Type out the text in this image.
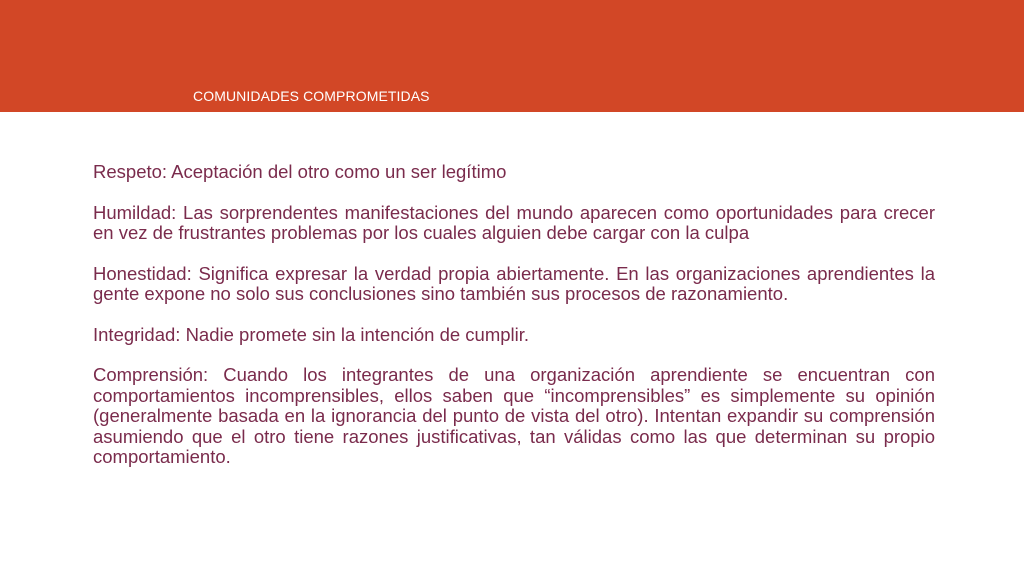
COMUNIDADES COMPROMETIDAS

Respeto: Aceptación del otro como un ser legítimo

Humildad: Las sorprendentes manifestaciones del mundo aparecen como oportunidades para crecer en vez de frustrantes problemas por los cuales alguien debe cargar con la culpa

Honestidad: Significa expresar la verdad propia abiertamente. En las organizaciones aprendientes la gente expone no solo sus conclusiones sino también sus procesos de razonamiento.

Integridad: Nadie promete sin la intención de cumplir.

Comprensión: Cuando los integrantes de una organización aprendiente se encuentran con comportamientos incomprensibles, ellos saben que “incomprensibles” es simplemente su opinión (generalmente basada en la ignorancia del punto de vista del otro). Intentan expandir su comprensión asumiendo que el otro tiene razones justificativas, tan válidas como las que determinan su propio comportamiento.
